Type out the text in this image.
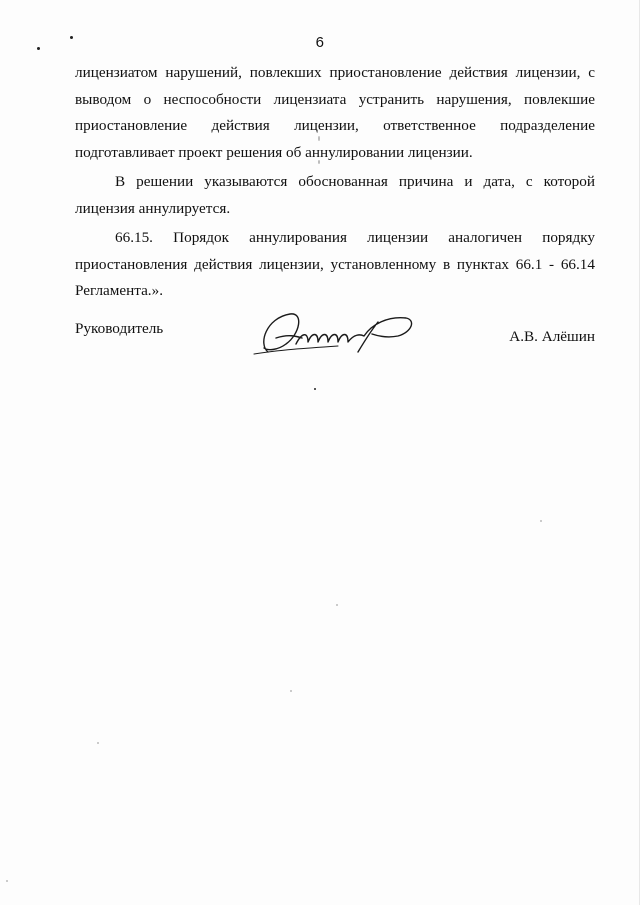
6
лицензиатом нарушений, повлекших приостановление действия лицензии, с
выводом о неспособности лицензиата устранить нарушения, повлекшие
приостановление действия лицензии, ответственное подразделение
подготавливает проект решения об аннулировании лицензии.
В решении указываются обоснованная причина и дата, с которой
лицензия аннулируется.
66.15. Порядок аннулирования лицензии аналогичен порядку
приостановления действия лицензии, установленному в пунктах 66.1 - 66.14
Регламента.».
Руководитель	А.В. Алёшин
